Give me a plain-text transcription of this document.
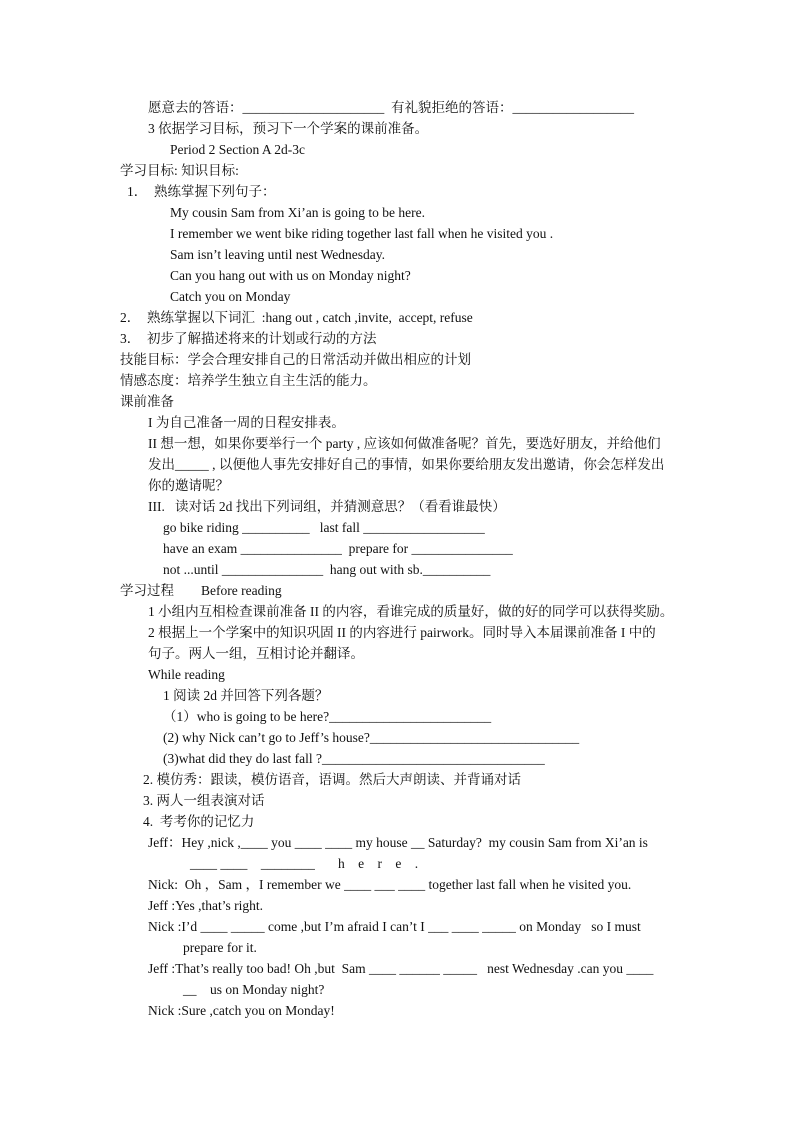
愿意去的答语：_____________________  有礼貌拒绝的答语：__________________
3 依据学习目标，预习下一个学案的课前准备。
Period 2 Section A 2d-3c
学习目标: 知识目标:
1．  熟练掌握下列句子：
My cousin Sam from Xi’an is going to be here.
I remember we went bike riding together last fall when he visited you .
Sam isn’t leaving until nest Wednesday.
Can you hang out with us on Monday night?
Catch you on Monday
2．  熟练掌握以下词汇  :hang out , catch ,invite,  accept, refuse
3．  初步了解描述将来的计划或行动的方法
技能目标：学会合理安排自己的日常活动并做出相应的计划
情感态度：培养学生独立自主生活的能力。
课前准备
I 为自己准备一周的日程安排表。
II 想一想，如果你要举行一个 party , 应该如何做准备呢？首先，要选好朋友，并给他们
发出_____ , 以便他人事先安排好自己的事情，如果你要给朋友发出邀请，你会怎样发出
你的邀请呢？
III.   读对话 2d 找出下列词组，并猜测意思？（看看谁最快）
go bike riding __________   last fall __________________
have an exam _______________  prepare for _______________
not ...until _______________  hang out with sb.__________
学习过程        Before reading
1 小组内互相检查课前准备 II 的内容，看谁完成的质量好，做的好的同学可以获得奖励。
2 根据上一个学案中的知识巩固 II 的内容进行 pairwork。同时导入本届课前准备 I 中的
句子。两人一组，互相讨论并翻译。
While reading
1 阅读 2d 并回答下列各题？
（1）who is going to be here?________________________
(2) why Nick can’t go to Jeff’s house?_______________________________
(3)what did they do last fall ?_________________________________
2. 模仿秀：跟读，模仿语音，语调。然后大声朗读、并背诵对话
3. 两人一组表演对话
4.  考考你的记忆力
Jeff：Hey ,nick ,____ you ____ ____ my house __ Saturday?  my cousin Sam from Xi’an is
____ ____    ________ h e r e .
Nick:  Oh ，Sam ，I remember we ____ ___ ____ together last fall when he visited you.
Jeff :Yes ,that’s right.
Nick :I’d ____ _____ come ,but I’m afraid I can’t I ___ ____ _____ on Monday   so I must
prepare for it.
Jeff :That’s really too bad! Oh ,but  Sam ____ ______ _____   nest Wednesday .can you ____
__    us on Monday night?
Nick :Sure ,catch you on Monday!
